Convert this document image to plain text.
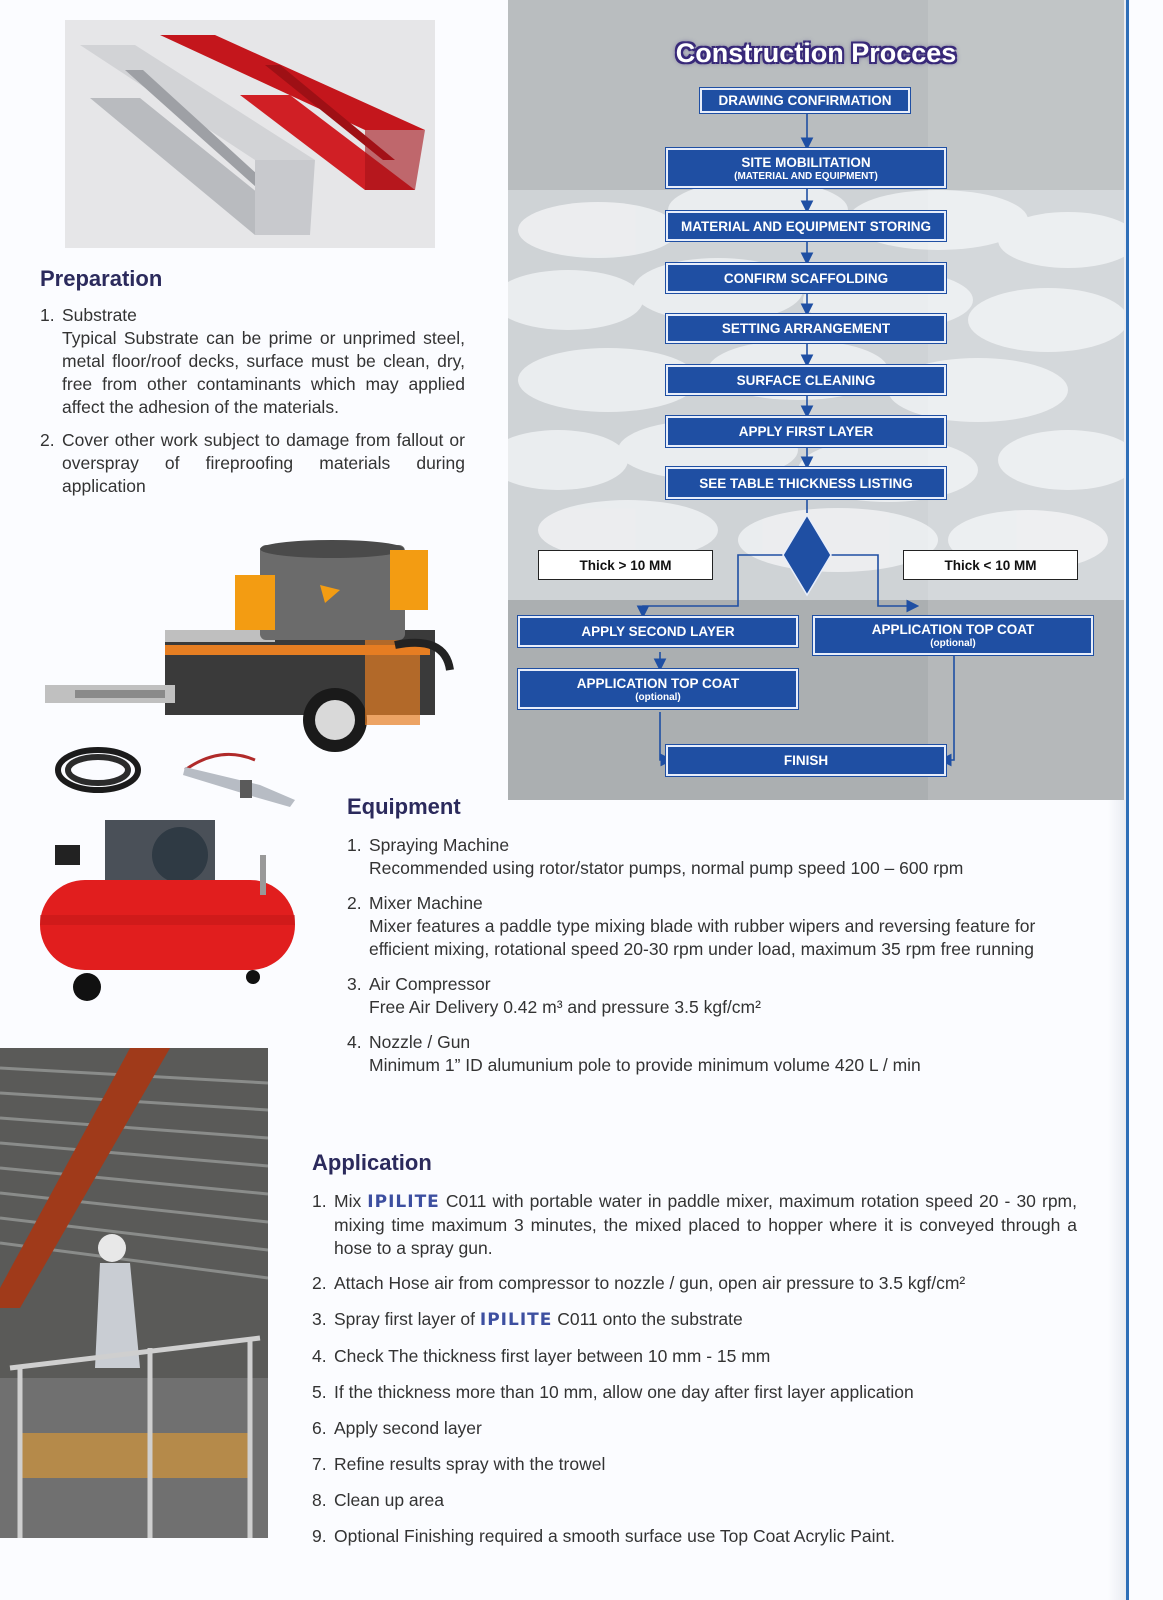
Preparation
1. Substrate
Typical Substrate can be prime or unprimed steel, metal floor/roof decks, surface must be clean, dry, free from other contaminants which may applied affect the adhesion of the materials.
2. Cover other work subject to damage from fallout or overspray of fireproofing materials during application
Construction Procces
DRAWING CONFIRMATION
SITE MOBILITATION
(MATERIAL AND EQUIPMENT)
MATERIAL AND EQUIPMENT STORING
CONFIRM SCAFFOLDING
SETTING ARRANGEMENT
SURFACE CLEANING
APPLY FIRST LAYER
SEE TABLE THICKNESS LISTING
Thick > 10 MM	Thick < 10 MM
APPLY SECOND LAYER	APPLICATION TOP COAT
(optional)
APPLICATION TOP COAT
(optional)
FINISH
Equipment
1. Spraying Machine
Recommended using rotor/stator pumps, normal pump speed 100 – 600 rpm
2. Mixer Machine
Mixer features a paddle type mixing blade with rubber wipers and reversing feature for efficient mixing, rotational speed 20-30 rpm under load, maximum 35 rpm free running
3. Air Compressor
Free Air Delivery 0.42 m³ and pressure 3.5 kgf/cm²
4. Nozzle / Gun
Minimum 1” ID alumunium pole to provide minimum volume 420 L / min
Application
1. Mix IPILITE C011 with portable water in paddle mixer, maximum rotation speed 20 - 30 rpm, mixing time maximum 3 minutes, the mixed placed to hopper where it is conveyed through a hose to a spray gun.
2. Attach Hose air from compressor to nozzle / gun, open air pressure to 3.5 kgf/cm²
3. Spray first layer of IPILITE C011 onto the substrate
4. Check The thickness first layer between 10 mm - 15 mm
5. If the thickness more than 10 mm, allow one day after first layer application
6. Apply second layer
7. Refine results spray with the trowel
8. Clean up area
9. Optional Finishing required a smooth surface use Top Coat Acrylic Paint.
